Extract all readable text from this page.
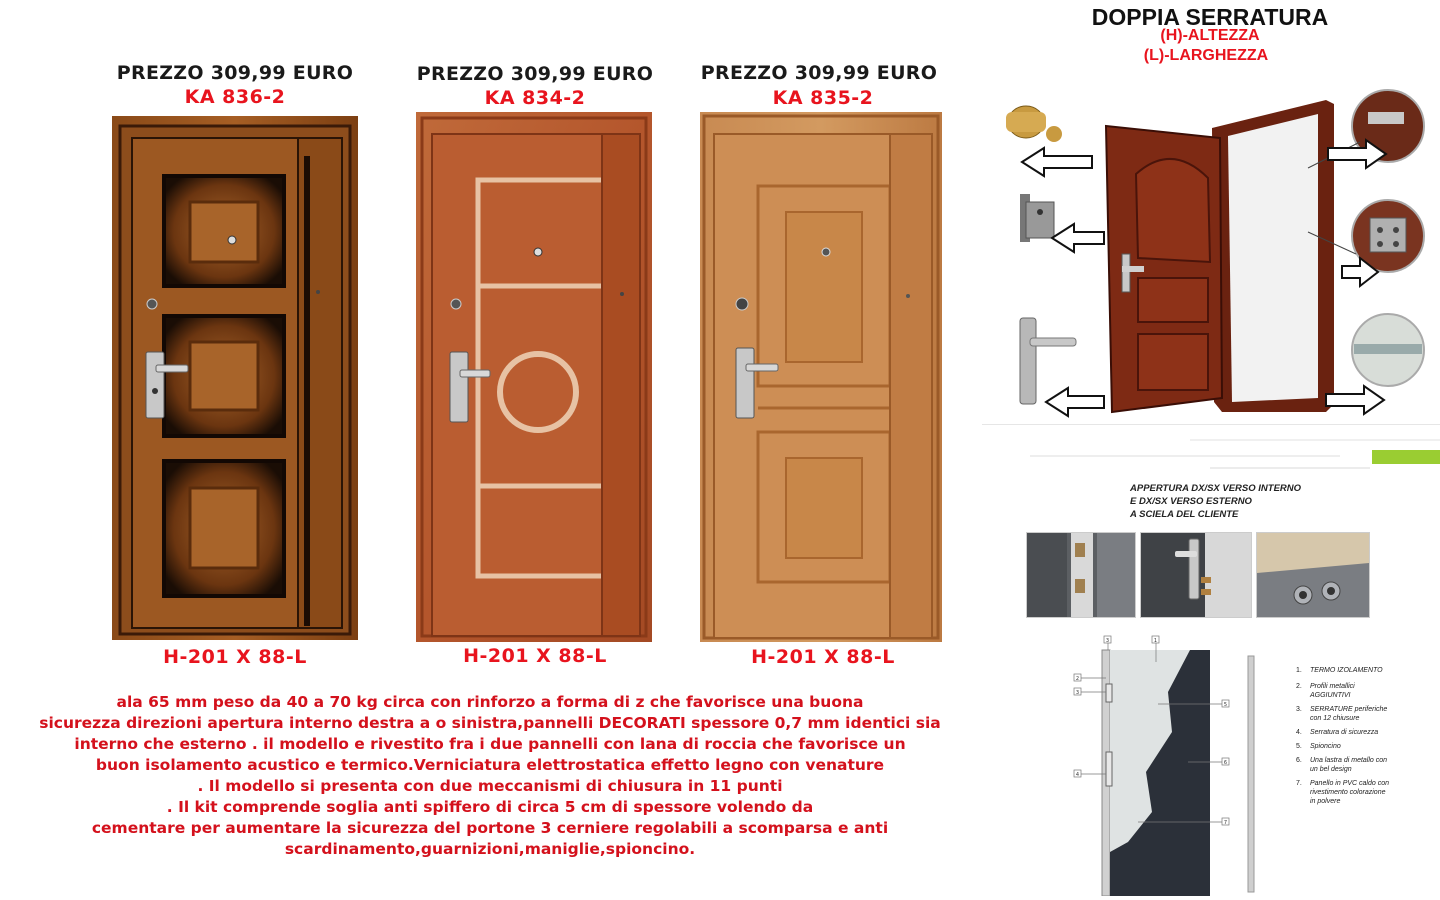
PREZZO 309,99 EURO
KA 836-2
H-201 X 88-L
PREZZO 309,99 EURO
KA 834-2
H-201 X 88-L
PREZZO 309,99 EURO
KA 835-2
H-201 X 88-L
ala 65 mm peso da 40 a 70 kg circa con rinforzo a forma di z che favorisce una buona
sicurezza direzioni apertura interno destra a o sinistra,pannelli DECORATI spessore 0,7 mm identici sia
interno che esterno . il modello e rivestito fra i due pannelli con lana di roccia che favorisce un
buon isolamento acustico e termico.Verniciatura elettrostatica effetto legno con venature
. Il modello si presenta con due meccanismi di chiusura in 11 punti
. Il kit comprende soglia anti spiffero di circa 5 cm di spessore volendo da
cementare per aumentare la sicurezza del portone 3 cerniere regolabili a scomparsa e anti
scardinamento,guarnizioni,maniglie,spioncino.
DOPPIA SERRATURA
(H)-ALTEZZA
(L)-LARGHEZZA
APPERTURA DX/SX VERSO INTERNO
E DX/SX VERSO ESTERNO
A SCIELA DEL CLIENTE
3	1
2
3
5
4
6
7
1. TERMO IZOLAMENTO
2. Profili metallici
AGGIUNTIVI
3. SERRATURE periferiche
con 12 chiusure
4. Serratura di sicurezza
5. Spioncino
6. Una lastra di metallo con
un bel design
7. Panello in PVC caldo con
rivestimento colorazione
in polvere
